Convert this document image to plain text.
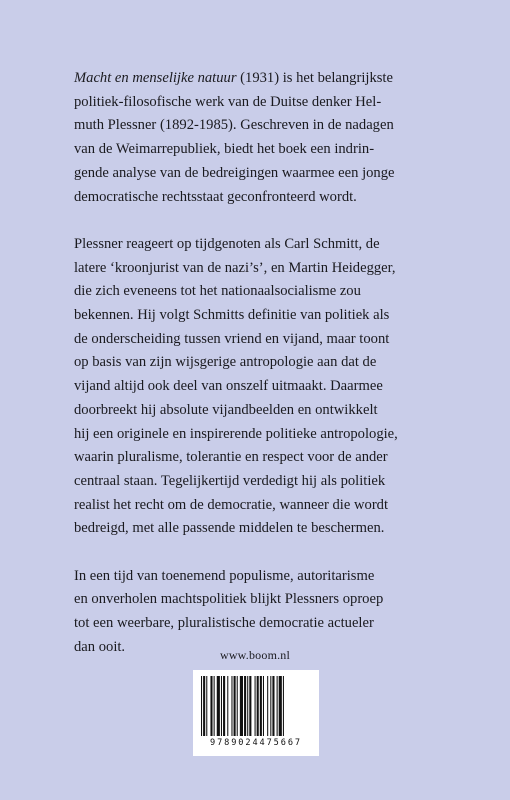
Macht en menselijke natuur (1931) is het belangrijkste
politiek-filosofische werk van de Duitse denker Hel-
muth Plessner (1892-1985). Geschreven in de nadagen
van de Weimarrepubliek, biedt het boek een indrin-
gende analyse van de bedreigingen waarmee een jonge
democratische rechtsstaat geconfronteerd wordt.

Plessner reageert op tijdgenoten als Carl Schmitt, de
latere ‘kroonjurist van de nazi’s’, en Martin Heidegger,
die zich eveneens tot het nationaalsocialisme zou
bekennen. Hij volgt Schmitts definitie van politiek als
de onderscheiding tussen vriend en vijand, maar toont
op basis van zijn wijsgerige antropologie aan dat de
vijand altijd ook deel van onszelf uitmaakt. Daarmee
doorbreekt hij absolute vijandbeelden en ontwikkelt
hij een originele en inspirerende politieke antropologie,
waarin pluralisme, tolerantie en respect voor de ander
centraal staan. Tegelijkertijd verdedigt hij als politiek
realist het recht om de democratie, wanneer die wordt
bedreigd, met alle passende middelen te beschermen.

In een tijd van toenemend populisme, autoritarisme
en onverholen machtspolitiek blijkt Plessners oproep
tot een weerbare, pluralistische democratie actueler
dan ooit.

www.boom.nl
9789024475667
